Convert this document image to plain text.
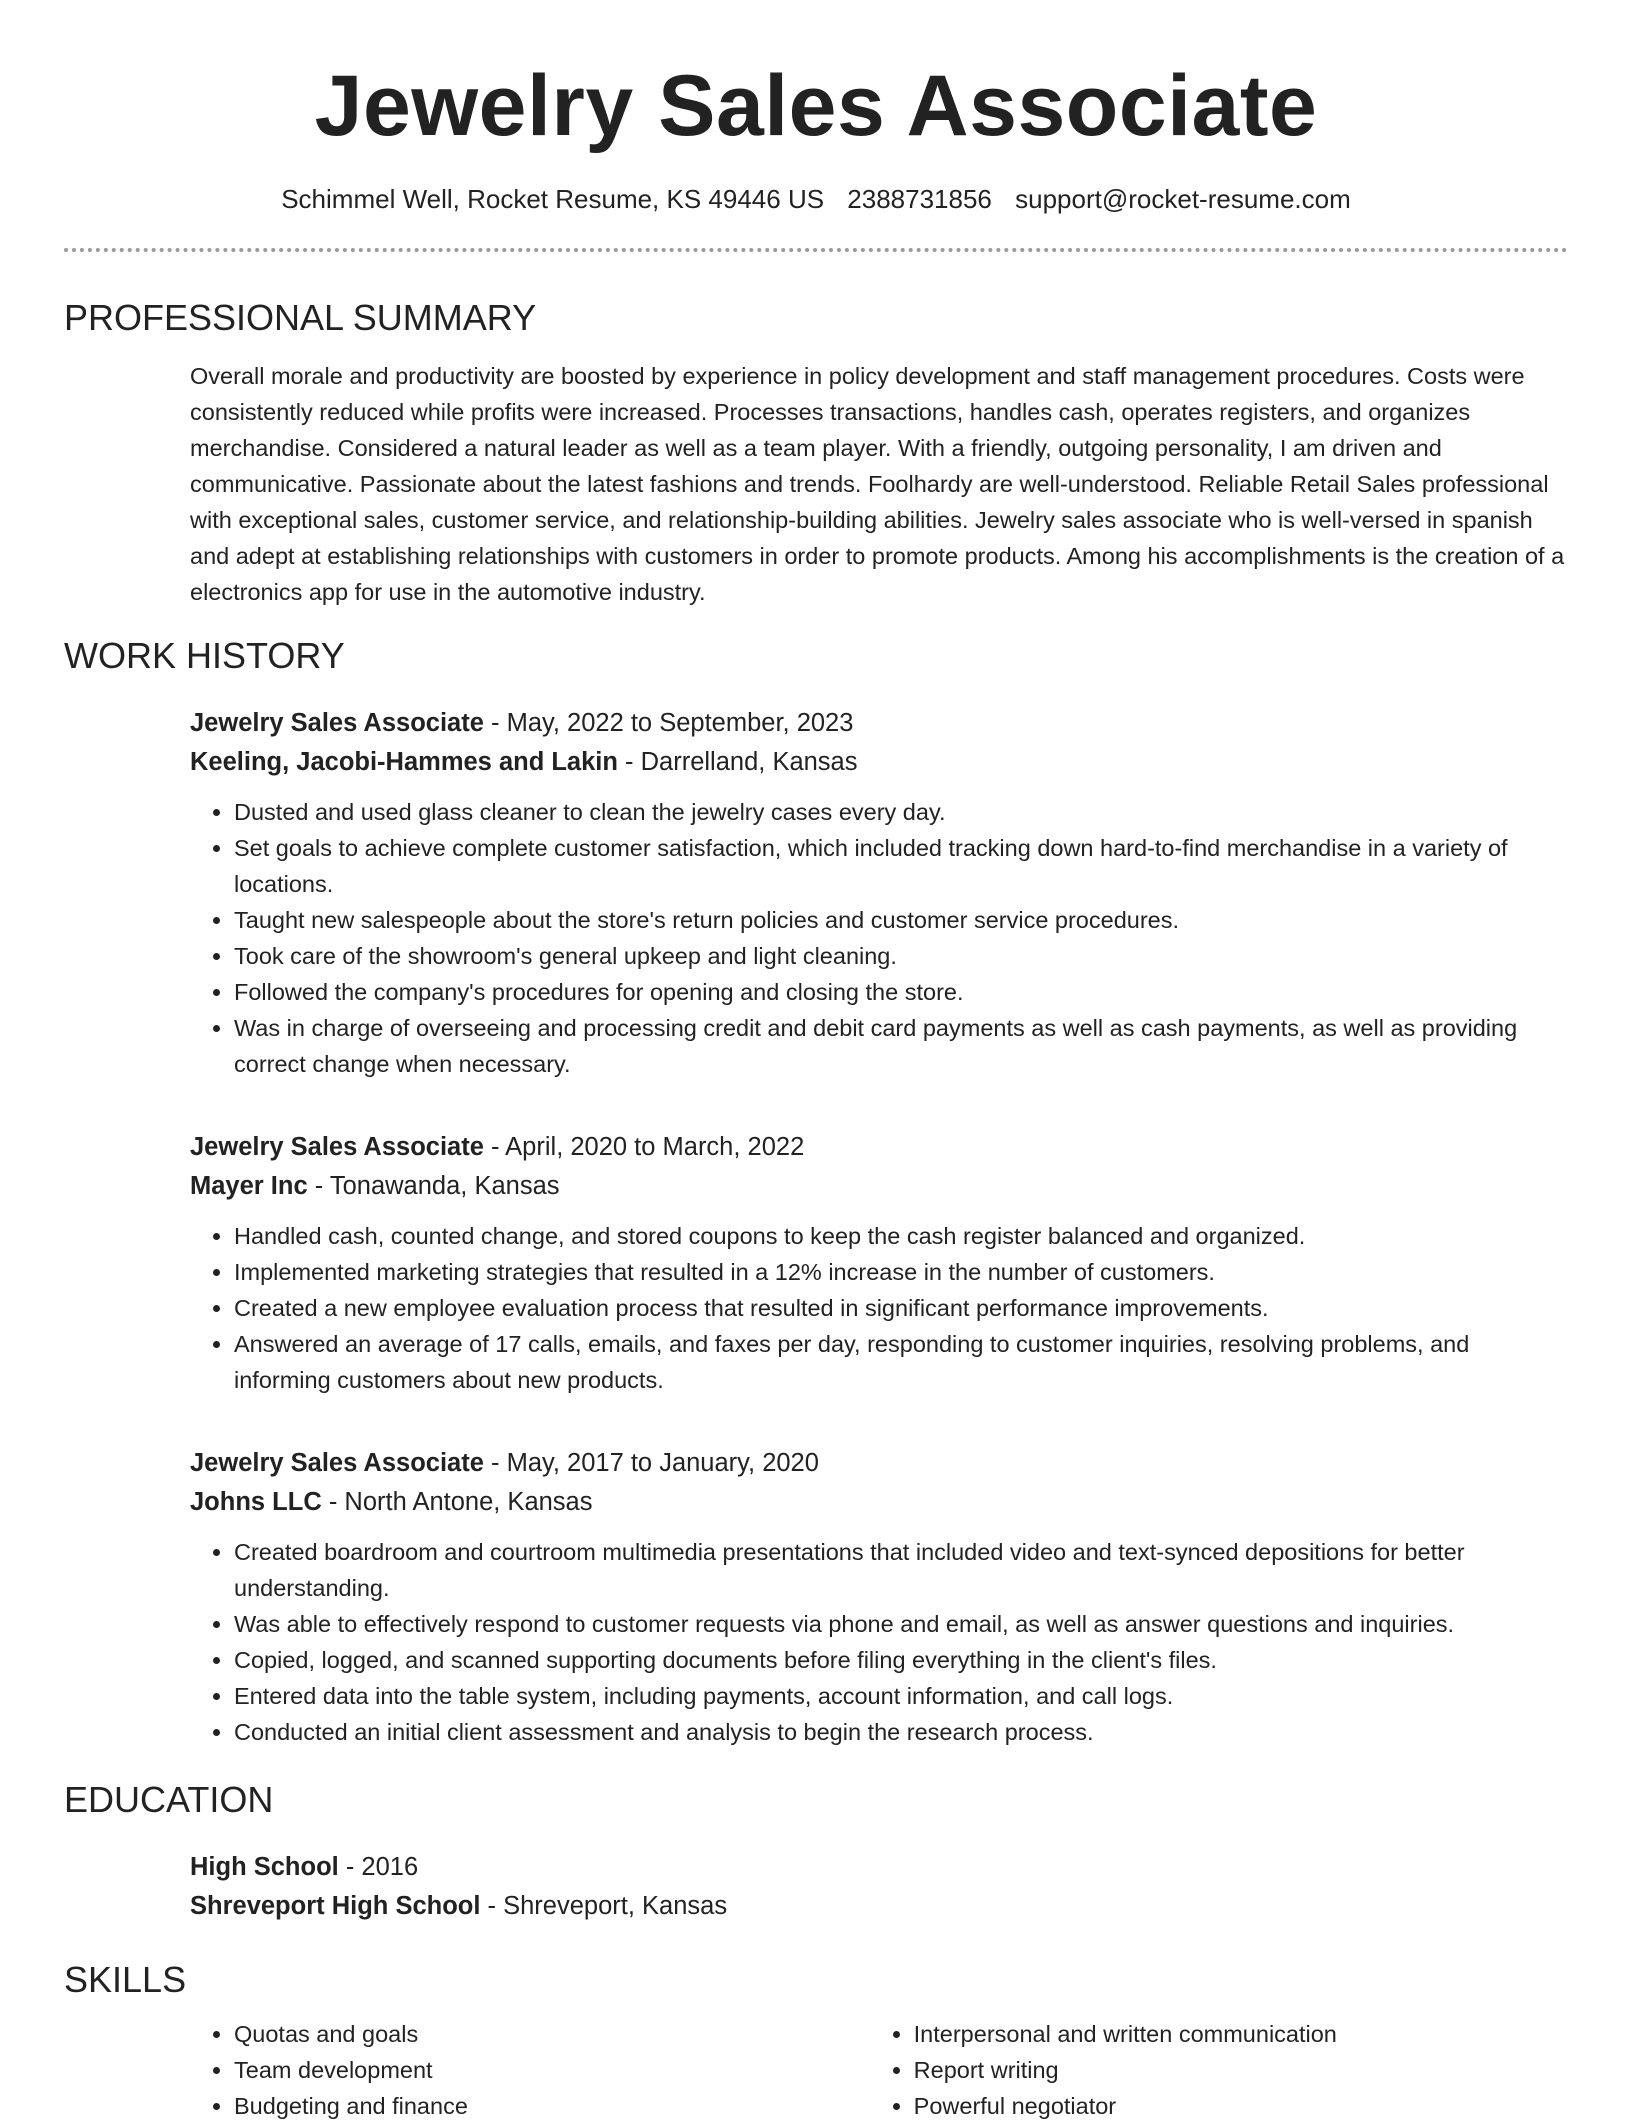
Jewelry Sales Associate
Schimmel Well, Rocket Resume, KS 49446 US 2388731856 support@rocket-resume.com
PROFESSIONAL SUMMARY

Overall morale and productivity are boosted by experience in policy development and staff management procedures. Costs were consistently reduced while profits were increased. Processes transactions, handles cash, operates registers, and organizes merchandise. Considered a natural leader as well as a team player. With a friendly, outgoing personality, I am driven and communicative. Passionate about the latest fashions and trends. Foolhardy are well-understood. Reliable Retail Sales professional with exceptional sales, customer service, and relationship-building abilities. Jewelry sales associate who is well-versed in spanish and adept at establishing relationships with customers in order to promote products. Among his accomplishments is the creation of a electronics app for use in the automotive industry.

WORK HISTORY
Jewelry Sales Associate - May, 2022 to September, 2023
Keeling, Jacobi-Hammes and Lakin - Darrelland, Kansas
• Dusted and used glass cleaner to clean the jewelry cases every day.
• Set goals to achieve complete customer satisfaction, which included tracking down hard-to-find merchandise in a variety of locations.
• Taught new salespeople about the store's return policies and customer service procedures.
• Took care of the showroom's general upkeep and light cleaning.
• Followed the company's procedures for opening and closing the store.
• Was in charge of overseeing and processing credit and debit card payments as well as cash payments, as well as providing correct change when necessary.
Jewelry Sales Associate - April, 2020 to March, 2022
Mayer Inc - Tonawanda, Kansas
• Handled cash, counted change, and stored coupons to keep the cash register balanced and organized.
• Implemented marketing strategies that resulted in a 12% increase in the number of customers.
• Created a new employee evaluation process that resulted in significant performance improvements.
• Answered an average of 17 calls, emails, and faxes per day, responding to customer inquiries, resolving problems, and informing customers about new products.
Jewelry Sales Associate - May, 2017 to January, 2020
Johns LLC - North Antone, Kansas
• Created boardroom and courtroom multimedia presentations that included video and text-synced depositions for better understanding.
• Was able to effectively respond to customer requests via phone and email, as well as answer questions and inquiries.
• Copied, logged, and scanned supporting documents before filing everything in the client's files.
• Entered data into the table system, including payments, account information, and call logs.
• Conducted an initial client assessment and analysis to begin the research process.
EDUCATION
High School - 2016
Shreveport High School - Shreveport, Kansas
SKILLS
• Quotas and goals
• Team development
• Budgeting and finance
• Interpersonal and written communication
• Report writing
• Powerful negotiator
